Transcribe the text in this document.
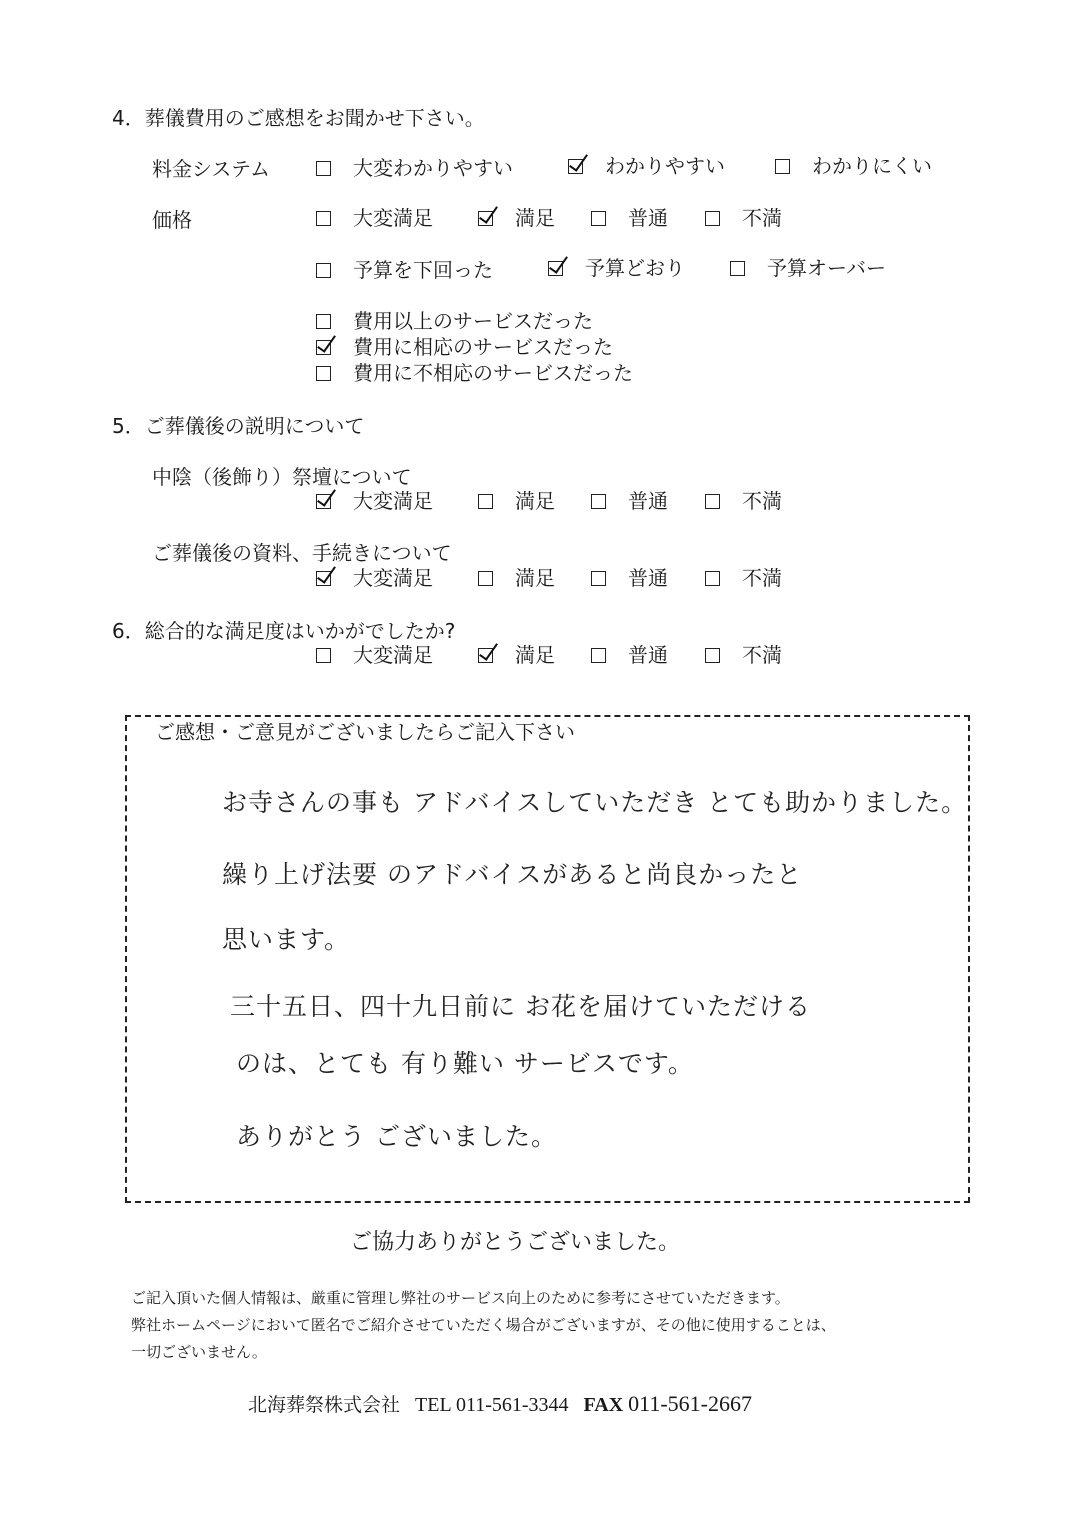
4．葬儀費用のご感想をお聞かせ下さい。
料金システム	大変わかりやすい	わかりやすい	わかりにくい
価格	大変満足	満足	普通	不満
予算を下回った	予算どおり	予算オーバー
費用以上のサービスだった
費用に相応のサービスだった
費用に不相応のサービスだった
5．ご葬儀後の説明について
中陰（後飾り）祭壇について
大変満足	満足	普通	不満
ご葬儀後の資料、手続きについて
大変満足	満足	普通	不満
6．総合的な満足度はいかがでしたか?
大変満足	満足	普通	不満
ご感想・ご意見がございましたらご記入下さい
お寺さんの事も アドバイスしていただき とても助かりました。
繰り上げ法要 のアドバイスがあると尚良かったと
思います。
三十五日、四十九日前に お花を届けていただける
のは、とても 有り難い サービスです。
ありがとう ございました。
ご協力ありがとうございました。
ご記入頂いた個人情報は、厳重に管理し弊社のサービス向上のために参考にさせていただきます。
弊社ホームページにおいて匿名でご紹介させていただく場合がございますが、その他に使用することは、
一切ございません。
北海葬祭株式会社 TEL 011-561-3344 FAX 011-561-2667
